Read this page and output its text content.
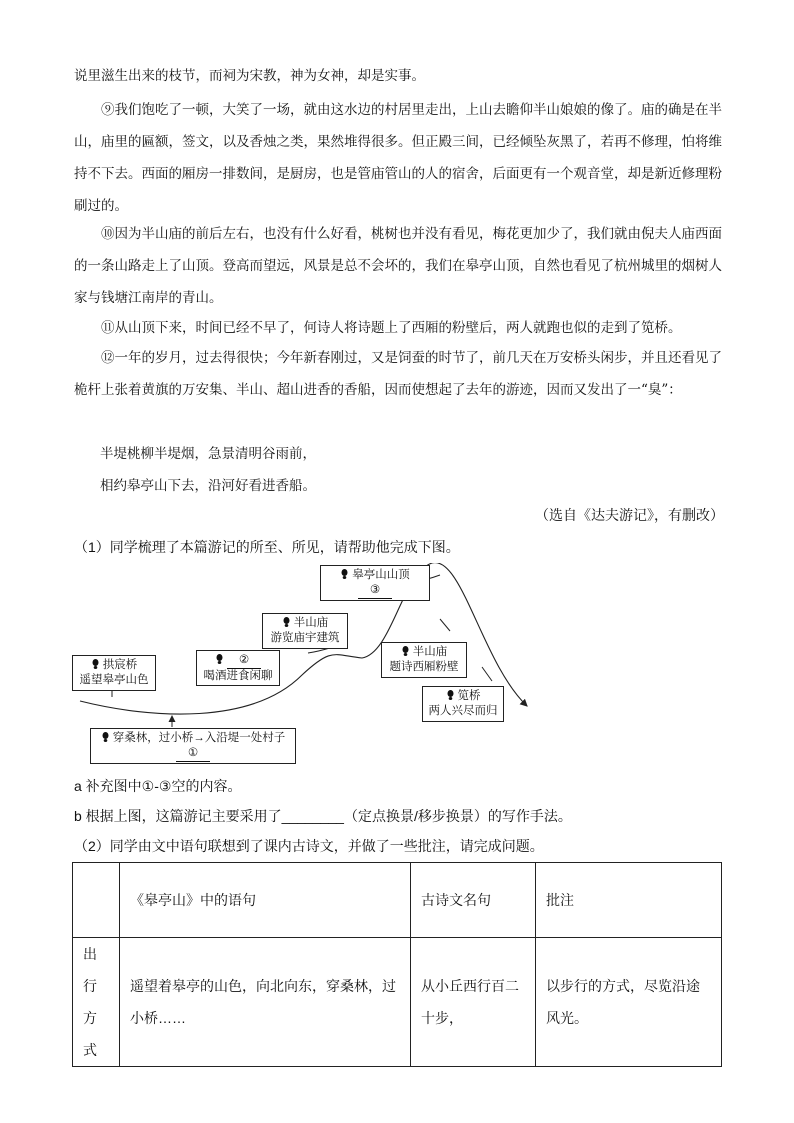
说里滋生出来的枝节，而祠为宋教，神为女神，却是实事。

⑨我们饱吃了一顿，大笑了一场，就由这水边的村居里走出，上山去瞻仰半山娘娘的像了。庙的确是在半山，庙里的匾额，签文，以及香烛之类，果然堆得很多。但正殿三间，已经倾坠灰黑了，若再不修理，怕将维持不下去。西面的厢房一排数间，是厨房，也是管庙管山的人的宿舍，后面更有一个观音堂，却是新近修理粉刷过的。

⑩因为半山庙的前后左右，也没有什么好看，桃树也并没有看见，梅花更加少了，我们就由倪夫人庙西面的一条山路走上了山顶。登高而望远，风景是总不会坏的，我们在皋亭山顶，自然也看见了杭州城里的烟树人家与钱塘江南岸的青山。

⑪从山顶下来，时间已经不早了，何诗人将诗题上了西厢的粉壁后，两人就跑也似的走到了笕桥。

⑫一年的岁月，过去得很快；今年新春刚过，又是饲蚕的时节了，前几天在万安桥头闲步，并且还看见了桅杆上张着黄旗的万安集、半山、超山进香的香船，因而使想起了去年的游迹，因而又发出了一“臭”：

半堤桃柳半堤烟，急景清明谷雨前，
相约皋亭山下去，沿河好看进香船。
（选自《达夫游记》，有删改）
（1）同学梳理了本篇游记的所至、所见，请帮助他完成下图。
皋亭山山顶
③
半山庙
游览庙宇建筑
②
喝酒进食闲聊
拱宸桥
遥望皋亭山色
半山庙
题诗西厢粉壁
笕桥
两人兴尽而归
穿桑林，过小桥→入沿堤一处村子
①
a 补充图中①-③空的内容。
b 根据上图，这篇游记主要采用了________（定点换景/移步换景）的写作手法。
（2）同学由文中语句联想到了课内古诗文，并做了一些批注，请完成问题。
	《皋亭山》中的语句	古诗文名句	批注
出行方式	遥望着皋亭的山色，向北向东，穿桑林，过小桥……	从小丘西行百二十步，	以步行的方式，尽览沿途风光。
